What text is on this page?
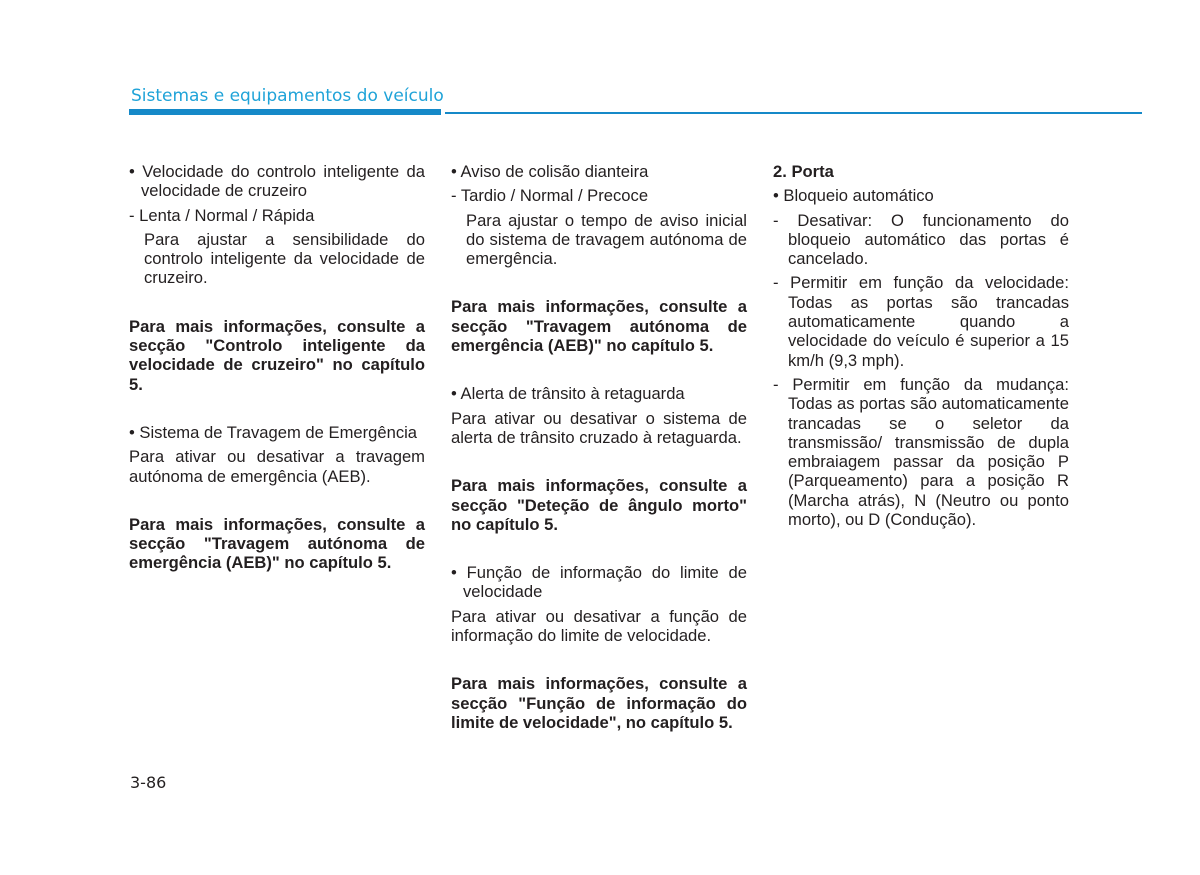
Sistemas e equipamentos do veículo

• Velocidade do controlo inteligente da velocidade de cruzeiro

- Lenta / Normal / Rápida

Para ajustar a sensibilidade do controlo inteligente da velocidade de cruzeiro.

Para mais informações, consulte a secção "Controlo inteligente da velocidade de cruzeiro" no capítulo 5.

• Sistema de Travagem de Emergência

Para ativar ou desativar a travagem autónoma de emergência (AEB).

Para mais informações, consulte a secção "Travagem autónoma de emergência (AEB)" no capítulo 5.

• Aviso de colisão dianteira

- Tardio / Normal / Precoce

Para ajustar o tempo de aviso inicial do sistema de travagem autónoma de emergência.

Para mais informações, consulte a secção "Travagem autónoma de emergência (AEB)" no capítulo 5.

• Alerta de trânsito à retaguarda

Para ativar ou desativar o sistema de alerta de trânsito cruzado à retaguarda.

Para mais informações, consulte a secção "Deteção de ângulo morto" no capítulo 5.

• Função de informação do limite de velocidade

Para ativar ou desativar a função de informação do limite de velocidade.

Para mais informações, consulte a secção "Função de informação do limite de velocidade", no capítulo 5.

2. Porta

• Bloqueio automático

- Desativar: O funcionamento do bloqueio automático das portas é cancelado.

- Permitir em função da velocidade: Todas as portas são trancadas automaticamente quando a velocidade do veículo é superior a 15 km/h (9,3 mph).

- Permitir em função da mudança: Todas as portas são automaticamente trancadas se o seletor da transmissão/ transmissão de dupla embraiagem passar da posição P (Parqueamento) para a posição R (Marcha atrás), N (Neutro ou ponto morto), ou D (Condução).

3-86
